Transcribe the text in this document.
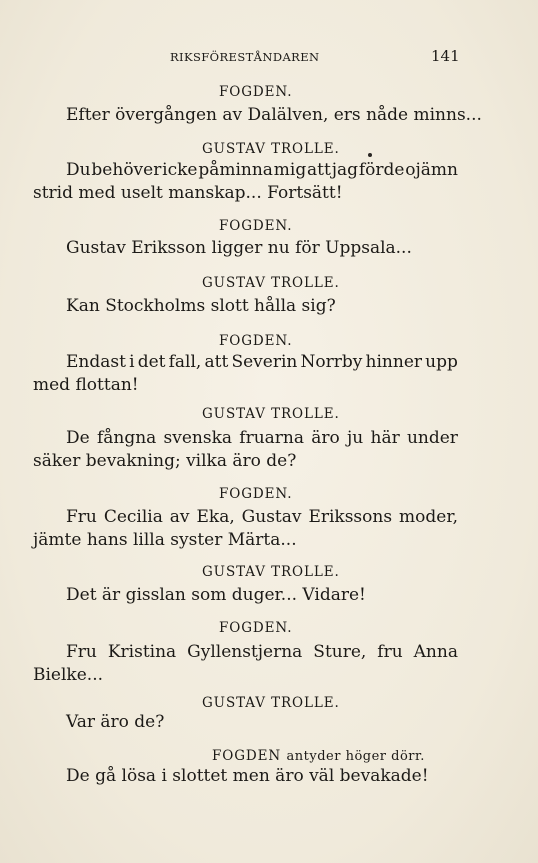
RIKSFÖRESTÅNDAREN	141
FOGDEN.
Efter övergången av Dalälven, ers nåde minns...
GUSTAV TROLLE.
Du behöver icke påminna mig att jag förde ojämn
strid med uselt manskap... Fortsätt!
FOGDEN.
Gustav Eriksson ligger nu för Uppsala...
GUSTAV TROLLE.
Kan Stockholms slott hålla sig?
FOGDEN.
Endast i det fall, att Severin Norrby hinner upp
med flottan!
GUSTAV TROLLE.
De fångna svenska fruarna äro ju här under
säker bevakning; vilka äro de?
FOGDEN.
Fru Cecilia av Eka, Gustav Erikssons moder,
jämte hans lilla syster Märta...
GUSTAV TROLLE.
Det är gisslan som duger... Vidare!
FOGDEN.
Fru Kristina Gyllenstjerna Sture, fru Anna
Bielke...
GUSTAV TROLLE.
Var äro de?
FOGDEN antyder höger dörr.
De gå lösa i slottet men äro väl bevakade!
